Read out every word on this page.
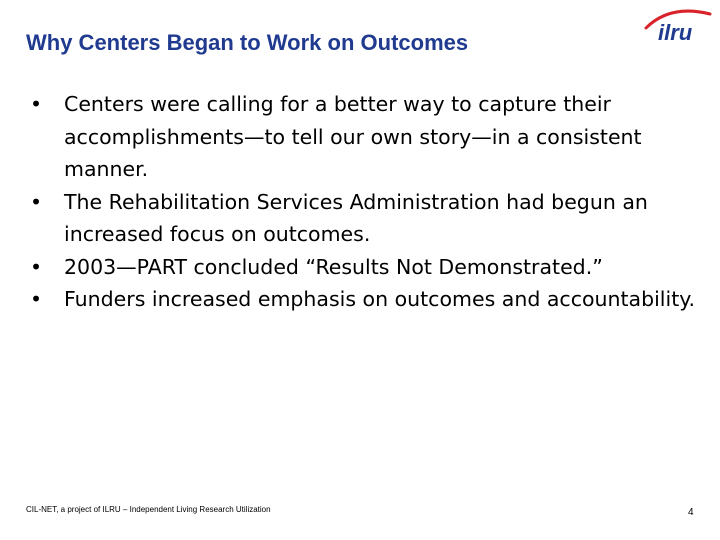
Why Centers Began to Work on Outcomes	ilru
•	Centers were calling for a better way to capture their accomplishments—to tell our own story—in a consistent manner.
•	The Rehabilitation Services Administration had begun an increased focus on outcomes.
•	2003—PART concluded “Results Not Demonstrated.”
•	Funders increased emphasis on outcomes and accountability.
CIL-NET, a project of ILRU – Independent Living Research Utilization	4
